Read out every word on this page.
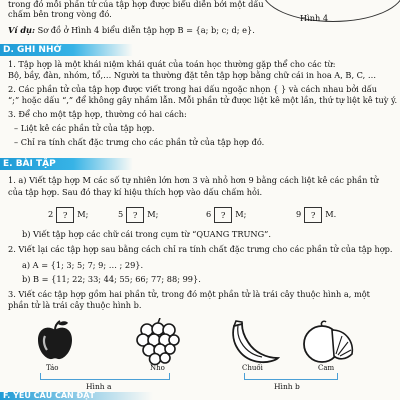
Hình 4
trong đó mỗi phần tử của tập hợp được biểu diễn bởi một dấu
chấm bên trong vòng đó.
Ví dụ: Sơ đồ ở Hình 4 biểu diễn tập hợp B = {a; b; c; d; e}.
D. GHI NHỚ
1. Tập hợp là một khái niệm khái quát của toán học thường gặp thể cho các từ:
Bộ, bầy, đàn, nhóm, tổ,… Người ta thường đặt tên tập hợp bằng chữ cái in hoa A, B, C, …
2. Các phần tử của tập hợp được viết trong hai dấu ngoặc nhọn { } và cách nhau bởi dấu
“;” hoặc dấu “,” để không gây nhầm lẫn. Mỗi phần tử được liệt kê một lần, thứ tự liệt kê tuỳ ý.
3. Để cho một tập hợp, thường có hai cách:
– Liệt kê các phần tử của tập hợp.
– Chỉ ra tính chất đặc trưng cho các phần tử của tập hợp đó.
E. BÀI TẬP
1. a) Viết tập hợp M các số tự nhiên lớn hơn 3 và nhỏ hơn 9 bằng cách liệt kê các phần tử
của tập hợp. Sau đó thay kí hiệu thích hợp vào dấu chấm hỏi.
2 ? M;	5 ? M;	6 ? M;	9 ? M.
b) Viết tập hợp các chữ cái trong cụm từ “QUANG TRUNG”.
2. Viết lại các tập hợp sau bằng cách chỉ ra tính chất đặc trưng cho các phần tử của tập hợp.
a) A = {1; 3; 5; 7; 9; … ; 29}.
b) B = {11; 22; 33; 44; 55; 66; 77; 88; 99}.
3. Viết các tập hợp gồm hai phần tử, trong đó một phần tử là trái cây thuộc hình a, một
phần tử là trái cây thuộc hình b.
Táo	Nho
Hình a
Chuối	Cam
Hình b
F. YÊU CẦU CẦN ĐẠT
